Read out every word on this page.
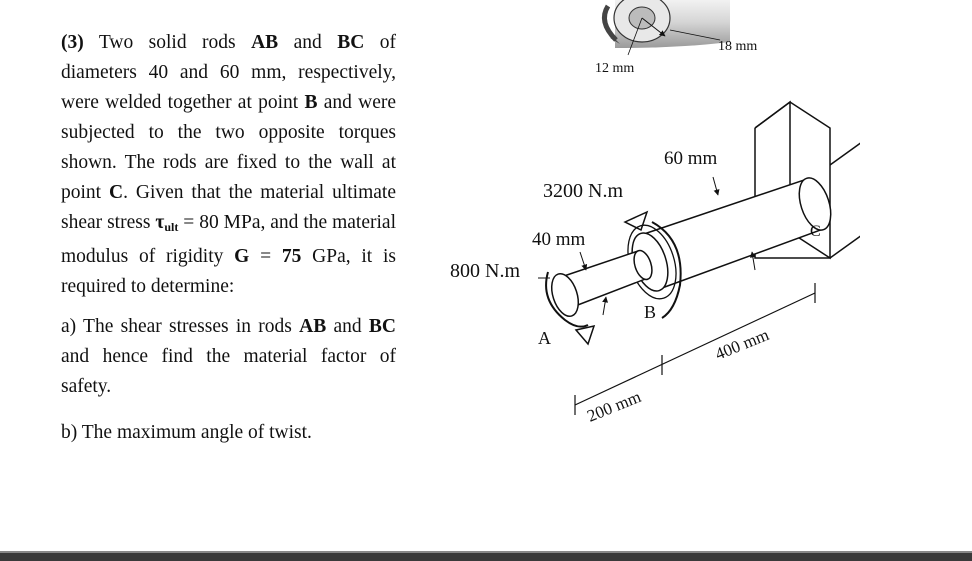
(3) Two solid rods AB and BC of diameters 40 and 60 mm, respectively, were welded together at point B and were subjected to the two opposite torques shown. The rods are fixed to the wall at point C. Given that the material ultimate shear stress $\tau_{ult} = 80$ MPa, and the material modulus of rigidity G = 75 GPa, it is required to determine:

a) The shear stresses in rods AB and BC and hence find the material factor of safety.

b) The maximum angle of twist.

12 mm
18 mm
60 mm
3200 N.m
40 mm
800 N.m
A
B
C
400 mm
200 mm
